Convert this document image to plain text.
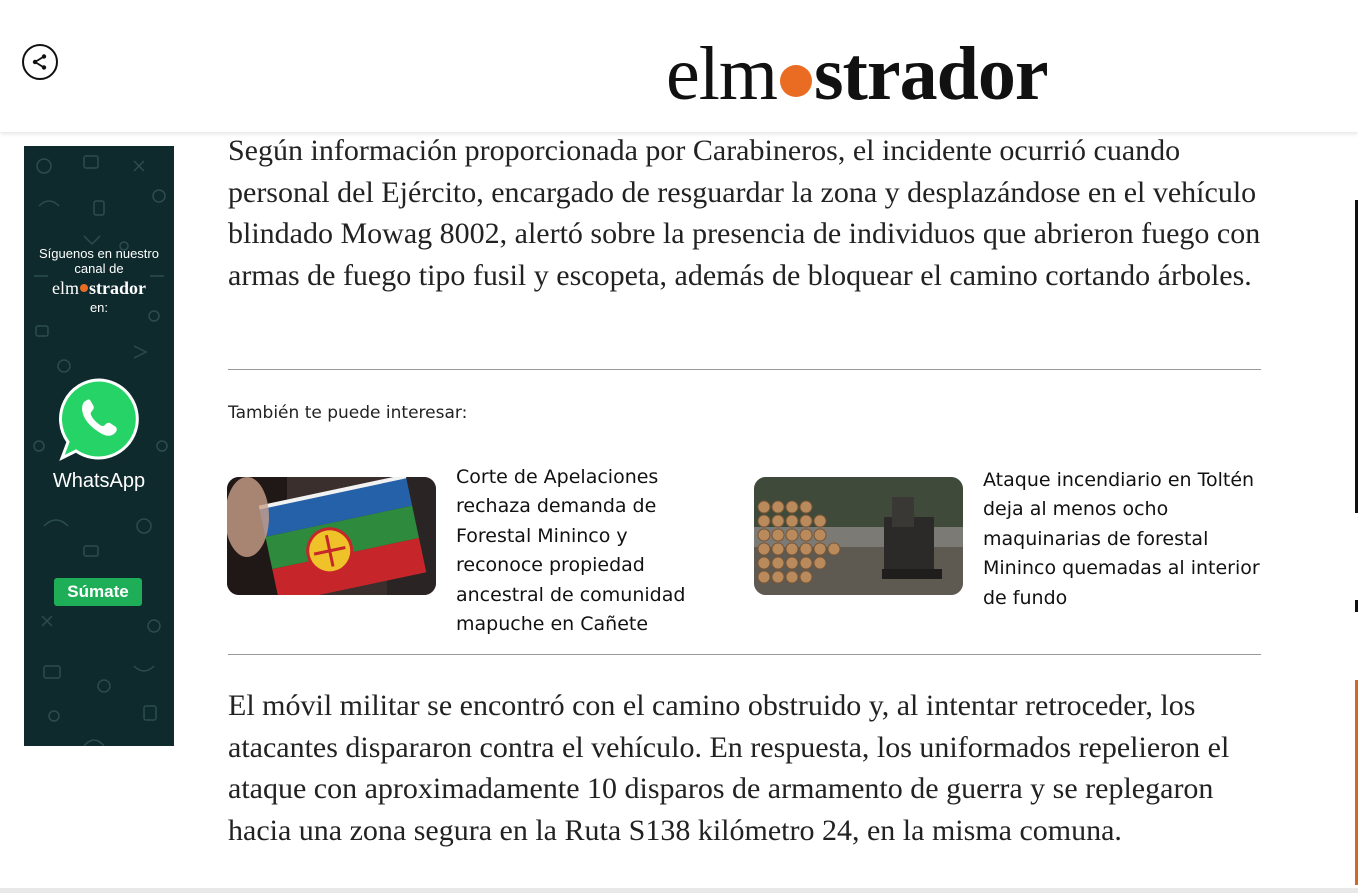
elm strador
Síguenos en nuestro canal de
elm strador
en:
WhatsApp
Súmate

Según información proporcionada por Carabineros, el incidente ocurrió cuando personal del Ejército, encargado de resguardar la zona y desplazándose en el vehículo blindado Mowag 8002, alertó sobre la presencia de individuos que abrieron fuego con armas de fuego tipo fusil y escopeta, además de bloquear el camino cortando árboles.

También te puede interesar:
Corte de Apelaciones rechaza demanda de Forestal Mininco y reconoce propiedad ancestral de comunidad mapuche en Cañete
Ataque incendiario en Toltén deja al menos ocho maquinarias de forestal Mininco quemadas al interior de fundo

El móvil militar se encontró con el camino obstruido y, al intentar retroceder, los atacantes dispararon contra el vehículo. En respuesta, los uniformados repelieron el ataque con aproximadamente 10 disparos de armamento de guerra y se replegaron hacia una zona segura en la Ruta S138 kilómetro 24, en la misma comuna.
